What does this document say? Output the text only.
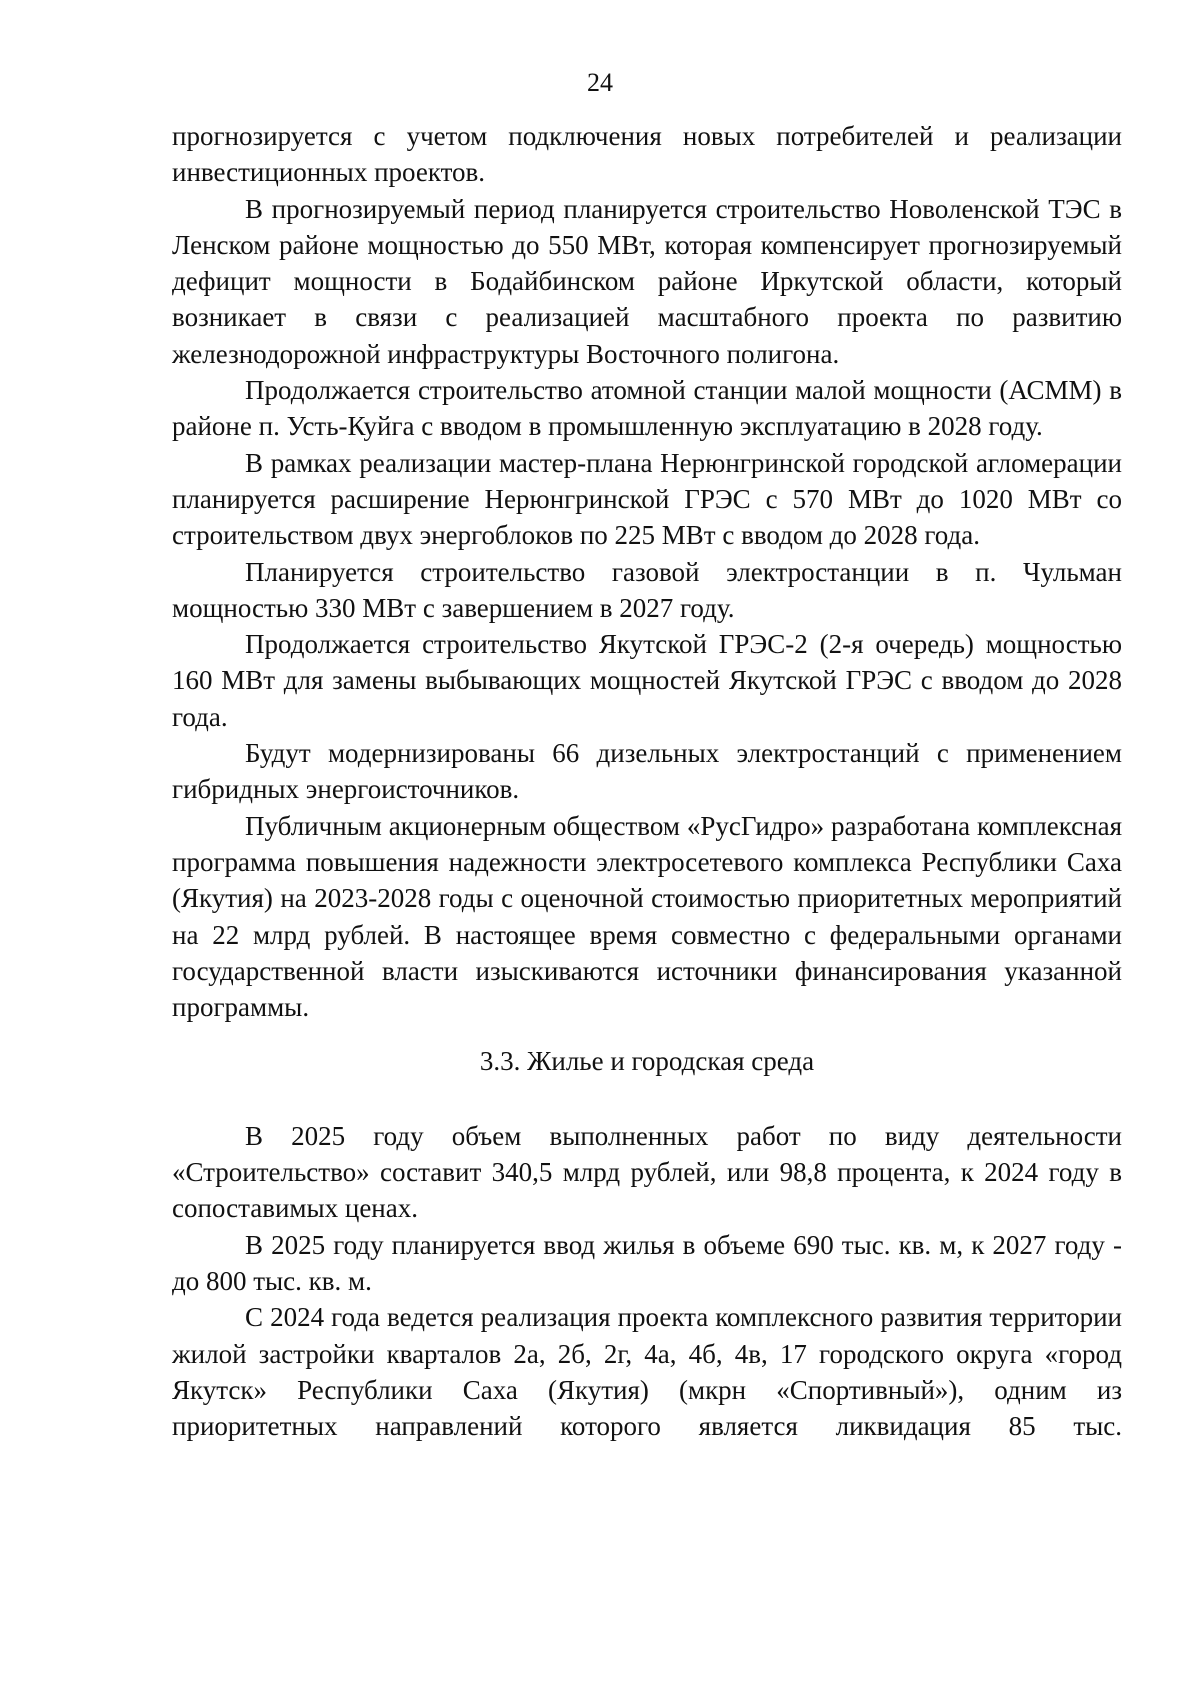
24

прогнозируется с учетом подключения новых потребителей и реализации инвестиционных проектов.

В прогнозируемый период планируется строительство Новоленской ТЭС в Ленском районе мощностью до 550 МВт, которая компенсирует прогнозируемый дефицит мощности в Бодайбинском районе Иркутской области, который возникает в связи с реализацией масштабного проекта по развитию железнодорожной инфраструктуры Восточного полигона.

Продолжается строительство атомной станции малой мощности (АСММ) в районе п. Усть-Куйга с вводом в промышленную эксплуатацию в 2028 году.

В рамках реализации мастер-плана Нерюнгринской городской агломерации планируется расширение Нерюнгринской ГРЭС с 570 МВт до 1020 МВт со строительством двух энергоблоков по 225 МВт с вводом до 2028 года.

Планируется строительство газовой электростанции в п. Чульман мощностью 330 МВт с завершением в 2027 году.

Продолжается строительство Якутской ГРЭС-2 (2-я очередь) мощностью 160 МВт для замены выбывающих мощностей Якутской ГРЭС с вводом до 2028 года.

Будут модернизированы 66 дизельных электростанций с применением гибридных энергоисточников.

Публичным акционерным обществом «РусГидро» разработана комплексная программа повышения надежности электросетевого комплекса Республики Саха (Якутия) на 2023-2028 годы с оценочной стоимостью приоритетных мероприятий на 22 млрд рублей. В настоящее время совместно с федеральными органами государственной власти изыскиваются источники финансирования указанной программы.

3.3. Жилье и городская среда

В 2025 году объем выполненных работ по виду деятельности «Строительство» составит 340,5 млрд рублей, или 98,8 процента, к 2024 году в сопоставимых ценах.

В 2025 году планируется ввод жилья в объеме 690 тыс. кв. м, к 2027 году - до 800 тыс. кв. м.

С 2024 года ведется реализация проекта комплексного развития территории жилой застройки кварталов 2а, 2б, 2г, 4а, 4б, 4в, 17 городского округа «город Якутск» Республики Саха (Якутия) (мкрн «Спортивный»), одним из приоритетных направлений которого является ликвидация 85 тыс.
